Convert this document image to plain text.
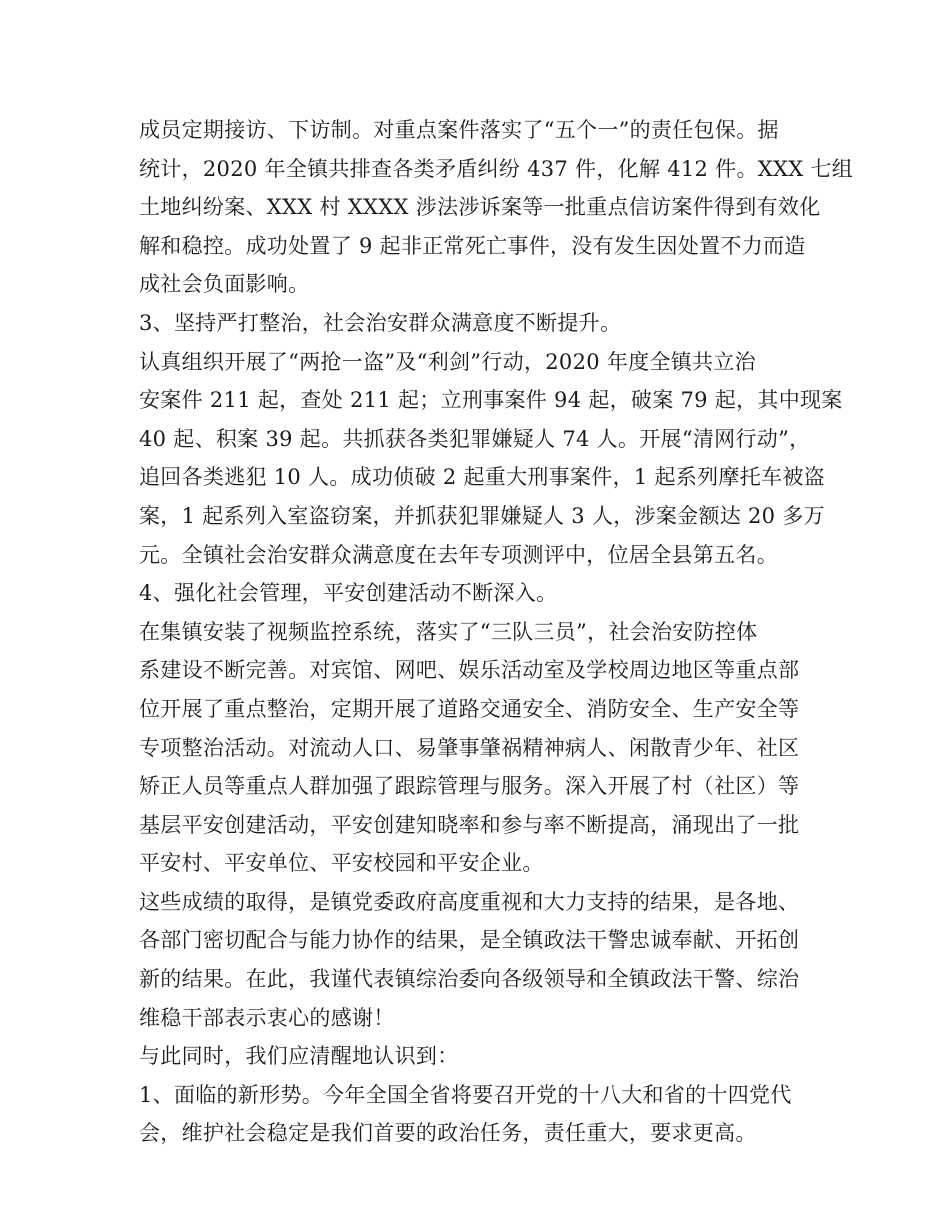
成员定期接访、下访制。对重点案件落实了“五个一”的责任包保。据
统计，2020 年全镇共排查各类矛盾纠纷 437 件，化解 412 件。XXX 七组
土地纠纷案、XXX 村 XXXX 涉法涉诉案等一批重点信访案件得到有效化
解和稳控。成功处置了 9 起非正常死亡事件，没有发生因处置不力而造
成社会负面影响。
3、坚持严打整治，社会治安群众满意度不断提升。
认真组织开展了“两抢一盗”及“利剑”行动，2020 年度全镇共立治
安案件 211 起，查处 211 起；立刑事案件 94 起，破案 79 起，其中现案
40 起、积案 39 起。共抓获各类犯罪嫌疑人 74 人。开展“清网行动”，
追回各类逃犯 10 人。成功侦破 2 起重大刑事案件，1 起系列摩托车被盗
案，1 起系列入室盗窃案，并抓获犯罪嫌疑人 3 人，涉案金额达 20 多万
元。全镇社会治安群众满意度在去年专项测评中，位居全县第五名。
4、强化社会管理，平安创建活动不断深入。
在集镇安装了视频监控系统，落实了“三队三员”，社会治安防控体
系建设不断完善。对宾馆、网吧、娱乐活动室及学校周边地区等重点部
位开展了重点整治，定期开展了道路交通安全、消防安全、生产安全等
专项整治活动。对流动人口、易肇事肇祸精神病人、闲散青少年、社区
矫正人员等重点人群加强了跟踪管理与服务。深入开展了村（社区）等
基层平安创建活动，平安创建知晓率和参与率不断提高，涌现出了一批
平安村、平安单位、平安校园和平安企业。
这些成绩的取得，是镇党委政府高度重视和大力支持的结果，是各地、
各部门密切配合与能力协作的结果，是全镇政法干警忠诚奉献、开拓创
新的结果。在此，我谨代表镇综治委向各级领导和全镇政法干警、综治
维稳干部表示衷心的感谢！
与此同时，我们应清醒地认识到：
1、面临的新形势。今年全国全省将要召开党的十八大和省的十四党代
会，维护社会稳定是我们首要的政治任务，责任重大，要求更高。
